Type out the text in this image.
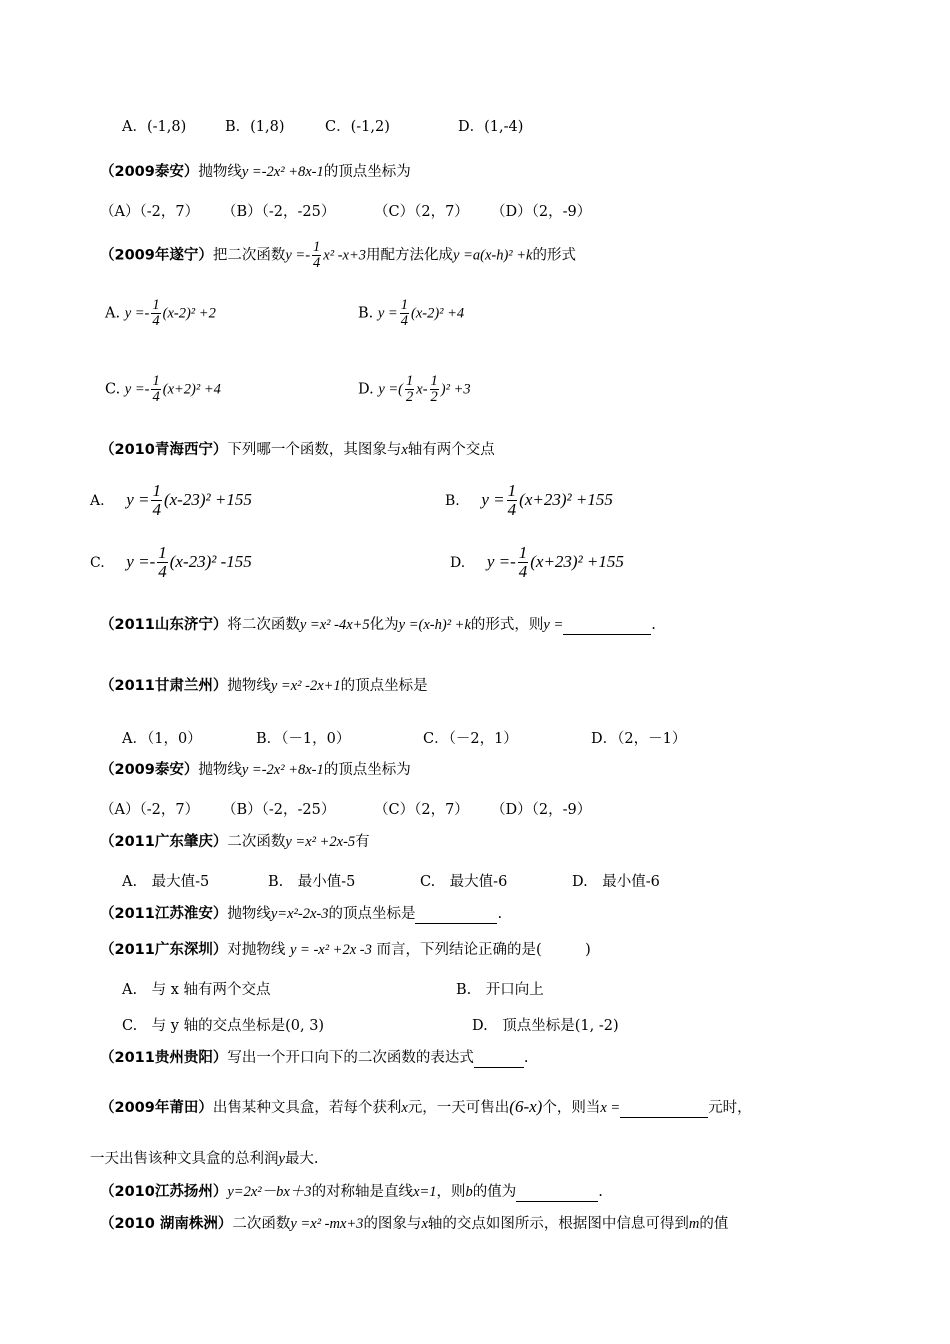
A．(-1,8)	B．(1,8)	C．(-1,2)	D．(1,-4)
（2009泰安）抛物线y =-2x² +8x-1的顶点坐标为
（A）（-2，7） （B）（-2，-25）	（C）（2，7） （D）（2，-9）
（2009年遂宁）把二次函数$y =- \frac{1}{4} x^2$ -x+3用配方法化成y =a(x-h)² +k的形式
A. $y =- \frac{1}{4} (x-2)^2 +2$	B. $y = \frac{1}{4} (x-2)^2 +4$
C. $y =- \frac{1}{4} (x+2)^2 +4$	D. y =( $\frac{1}{2} x- \frac{1}{2} )^2 +3$
（2010青海西宁）下列哪一个函数，其图象与x轴有两个交点
A. $y = \frac{1}{4} (x-23)^2 +155$	B. $y = \frac{1}{4} (x+23)^2 +155$
C. $y =- \frac{1}{4} (x-23)^2$ -155	D. $y =- \frac{1}{4} (x+23)^2 +155$
（2011山东济宁）将二次函数y =x² -4x+5化为y =(x-h)² +k的形式，则y =	.
（2011甘肃兰州）抛物线y =x² -2x+1的顶点坐标是
A．（1，0）	B．（－1，0）	C．（－2，1）	D．（2，－1）
（2009泰安）抛物线y =-2x² +8x-1的顶点坐标为
（A）（-2，7） （B）（-2，-25）	（C）（2，7） （D）（2，-9）
（2011广东肇庆）二次函数y =x² +2x-5有
A.　最大值-5	B.　最小值-5	C.　最大值-6	D.　最小值-6
（2011江苏淮安）抛物线y=x²-2x-3的顶点坐标是	.
（2011广东深圳）对抛物线 y = -x² +2x -3 而言，下列结论正确的是(　　　)
A.　与 x 轴有两个交点	B.　开口向上
C.　与 y 轴的交点坐标是(0, 3)	D.　顶点坐标是(1, -2)
（2011贵州贵阳）写出一个开口向下的二次函数的表达式	.
（2009年莆田）出售某种文具盒，若每个获利x元，一天可售出(6-x)个，则当x =	元时，
一天出售该种文具盒的总利润y最大.
（2010江苏扬州）y=2x²－bx＋3的对称轴是直线x=1，则b的值为	.
（2010 湖南株洲）二次函数y =x² -mx+3的图象与x轴的交点如图所示，根据图中信息可得到m的值
